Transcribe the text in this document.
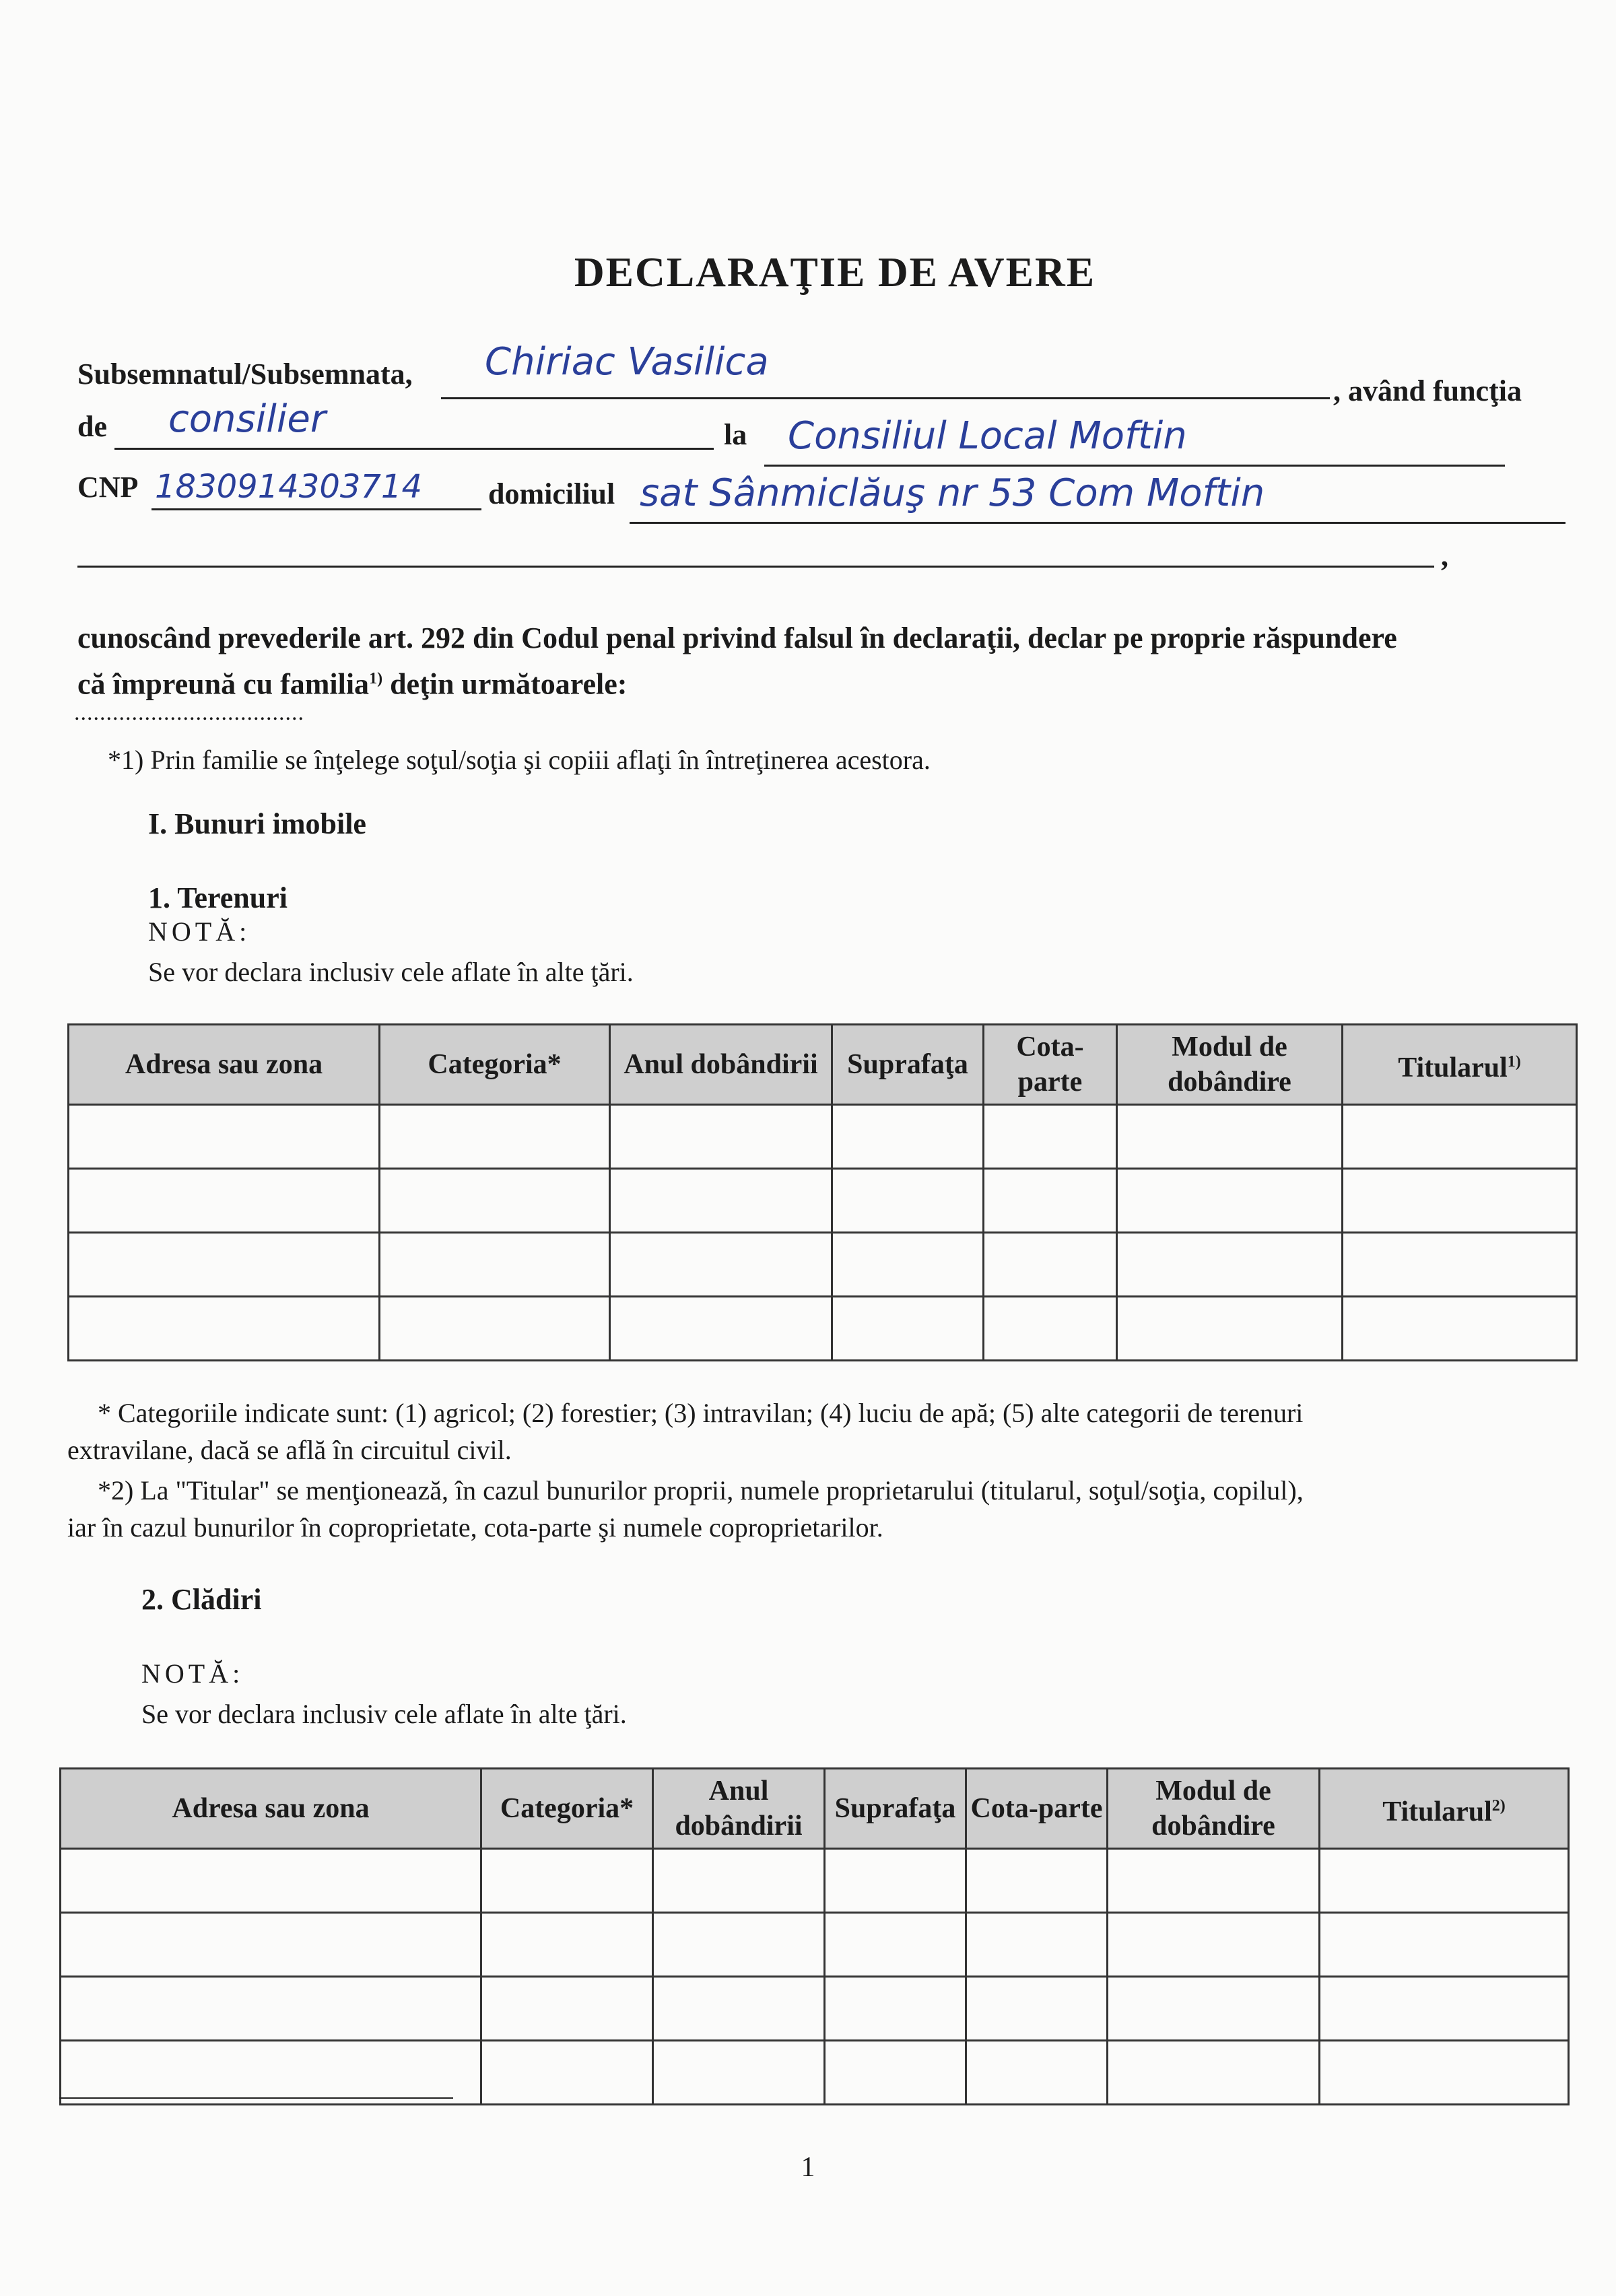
DECLARAŢIE DE AVERE
Subsemnatul/Subsemnata, Chiriac Vasilica
, având funcţia
de consilier	la Consiliul Local Moftin
CNP 1830914303714 domiciliul sat Sânmiclăuş nr 53 Com Moftin
,
cunoscând prevederile art. 292 din Codul penal privind falsul în declaraţii, declar pe proprie răspundere
că împreună cu familia$^{1)}$ deţin următoarele:
....................................
*1) Prin familie se înţelege soţul/soţia şi copiii aflaţi în întreţinerea acestora.
I. Bunuri imobile
1. Terenuri
NOTĂ:
Se vor declara inclusiv cele aflate în alte ţări.
Adresa sau zona	Categoria*	Anul dobândirii	Suprafaţa	Cota-parte	Modul de dobândire	Titularul$^{1)}$

* Categoriile indicate sunt: (1) agricol; (2) forestier; (3) intravilan; (4) luciu de apă; (5) alte categorii de terenuri
extravilane, dacă se află în circuitul civil.
*2) La "Titular" se menţionează, în cazul bunurilor proprii, numele proprietarului (titularul, soţul/soţia, copilul),
iar în cazul bunurilor în coproprietate, cota-parte şi numele coproprietarilor.
2. Clădiri
NOTĂ:
Se vor declara inclusiv cele aflate în alte ţări.
Adresa sau zona	Categoria*	Anul dobândirii	Suprafaţa	Cota-parte	Modul de dobândire	Titularul$^{2)}$

1
